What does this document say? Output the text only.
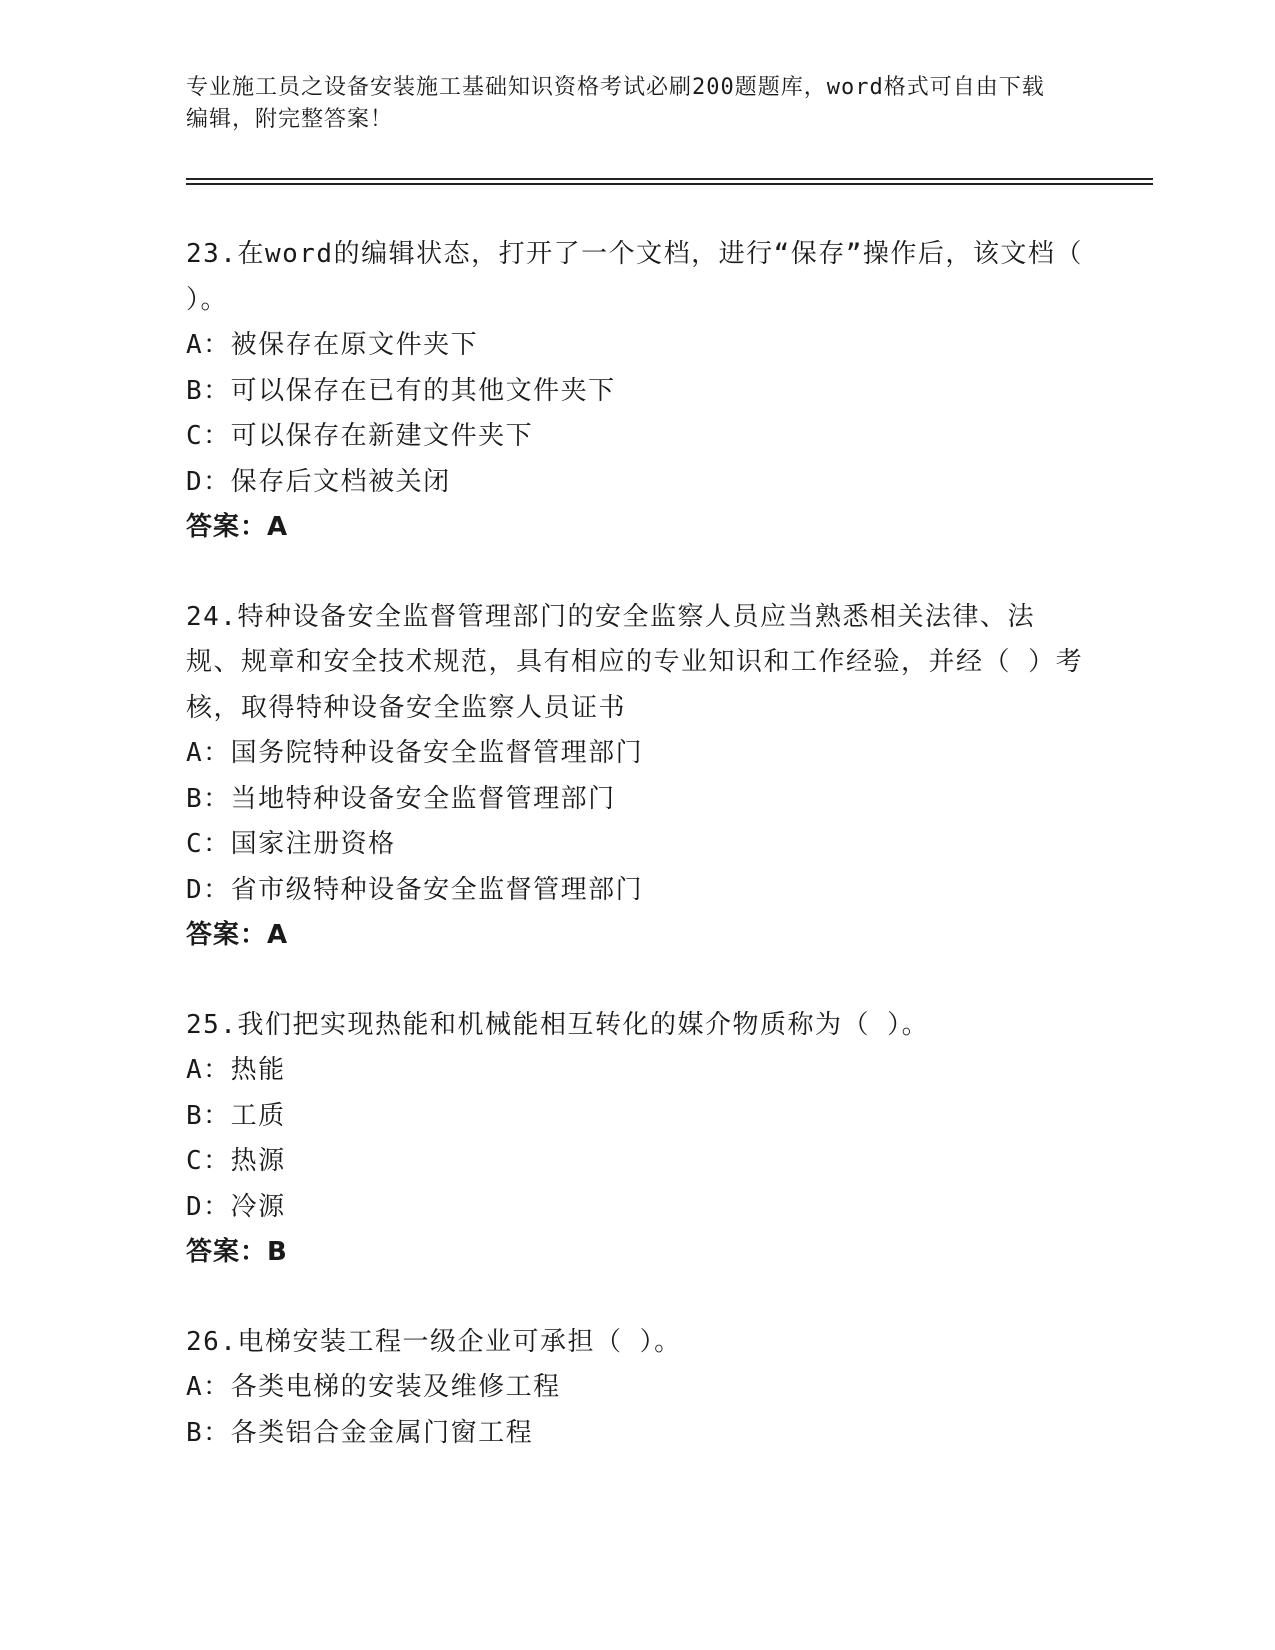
专业施工员之设备安装施工基础知识资格考试必刷200题题库，word格式可自由下载编辑，附完整答案！

23.在word的编辑状态，打开了一个文档，进行“保存”操作后，该文档（ ）。

A：被保存在原文件夹下

B：可以保存在已有的其他文件夹下

C：可以保存在新建文件夹下

D：保存后文档被关闭

答案：A

24.特种设备安全监督管理部门的安全监察人员应当熟悉相关法律、法规、规章和安全技术规范，具有相应的专业知识和工作经验，并经（ ）考核，取得特种设备安全监察人员证书

A：国务院特种设备安全监督管理部门

B：当地特种设备安全监督管理部门

C：国家注册资格

D：省市级特种设备安全监督管理部门

答案：A

25.我们把实现热能和机械能相互转化的媒介物质称为（ ）。

A：热能

B：工质

C：热源

D：冷源

答案：B

26.电梯安装工程一级企业可承担（ ）。

A：各类电梯的安装及维修工程

B：各类铝合金金属门窗工程
